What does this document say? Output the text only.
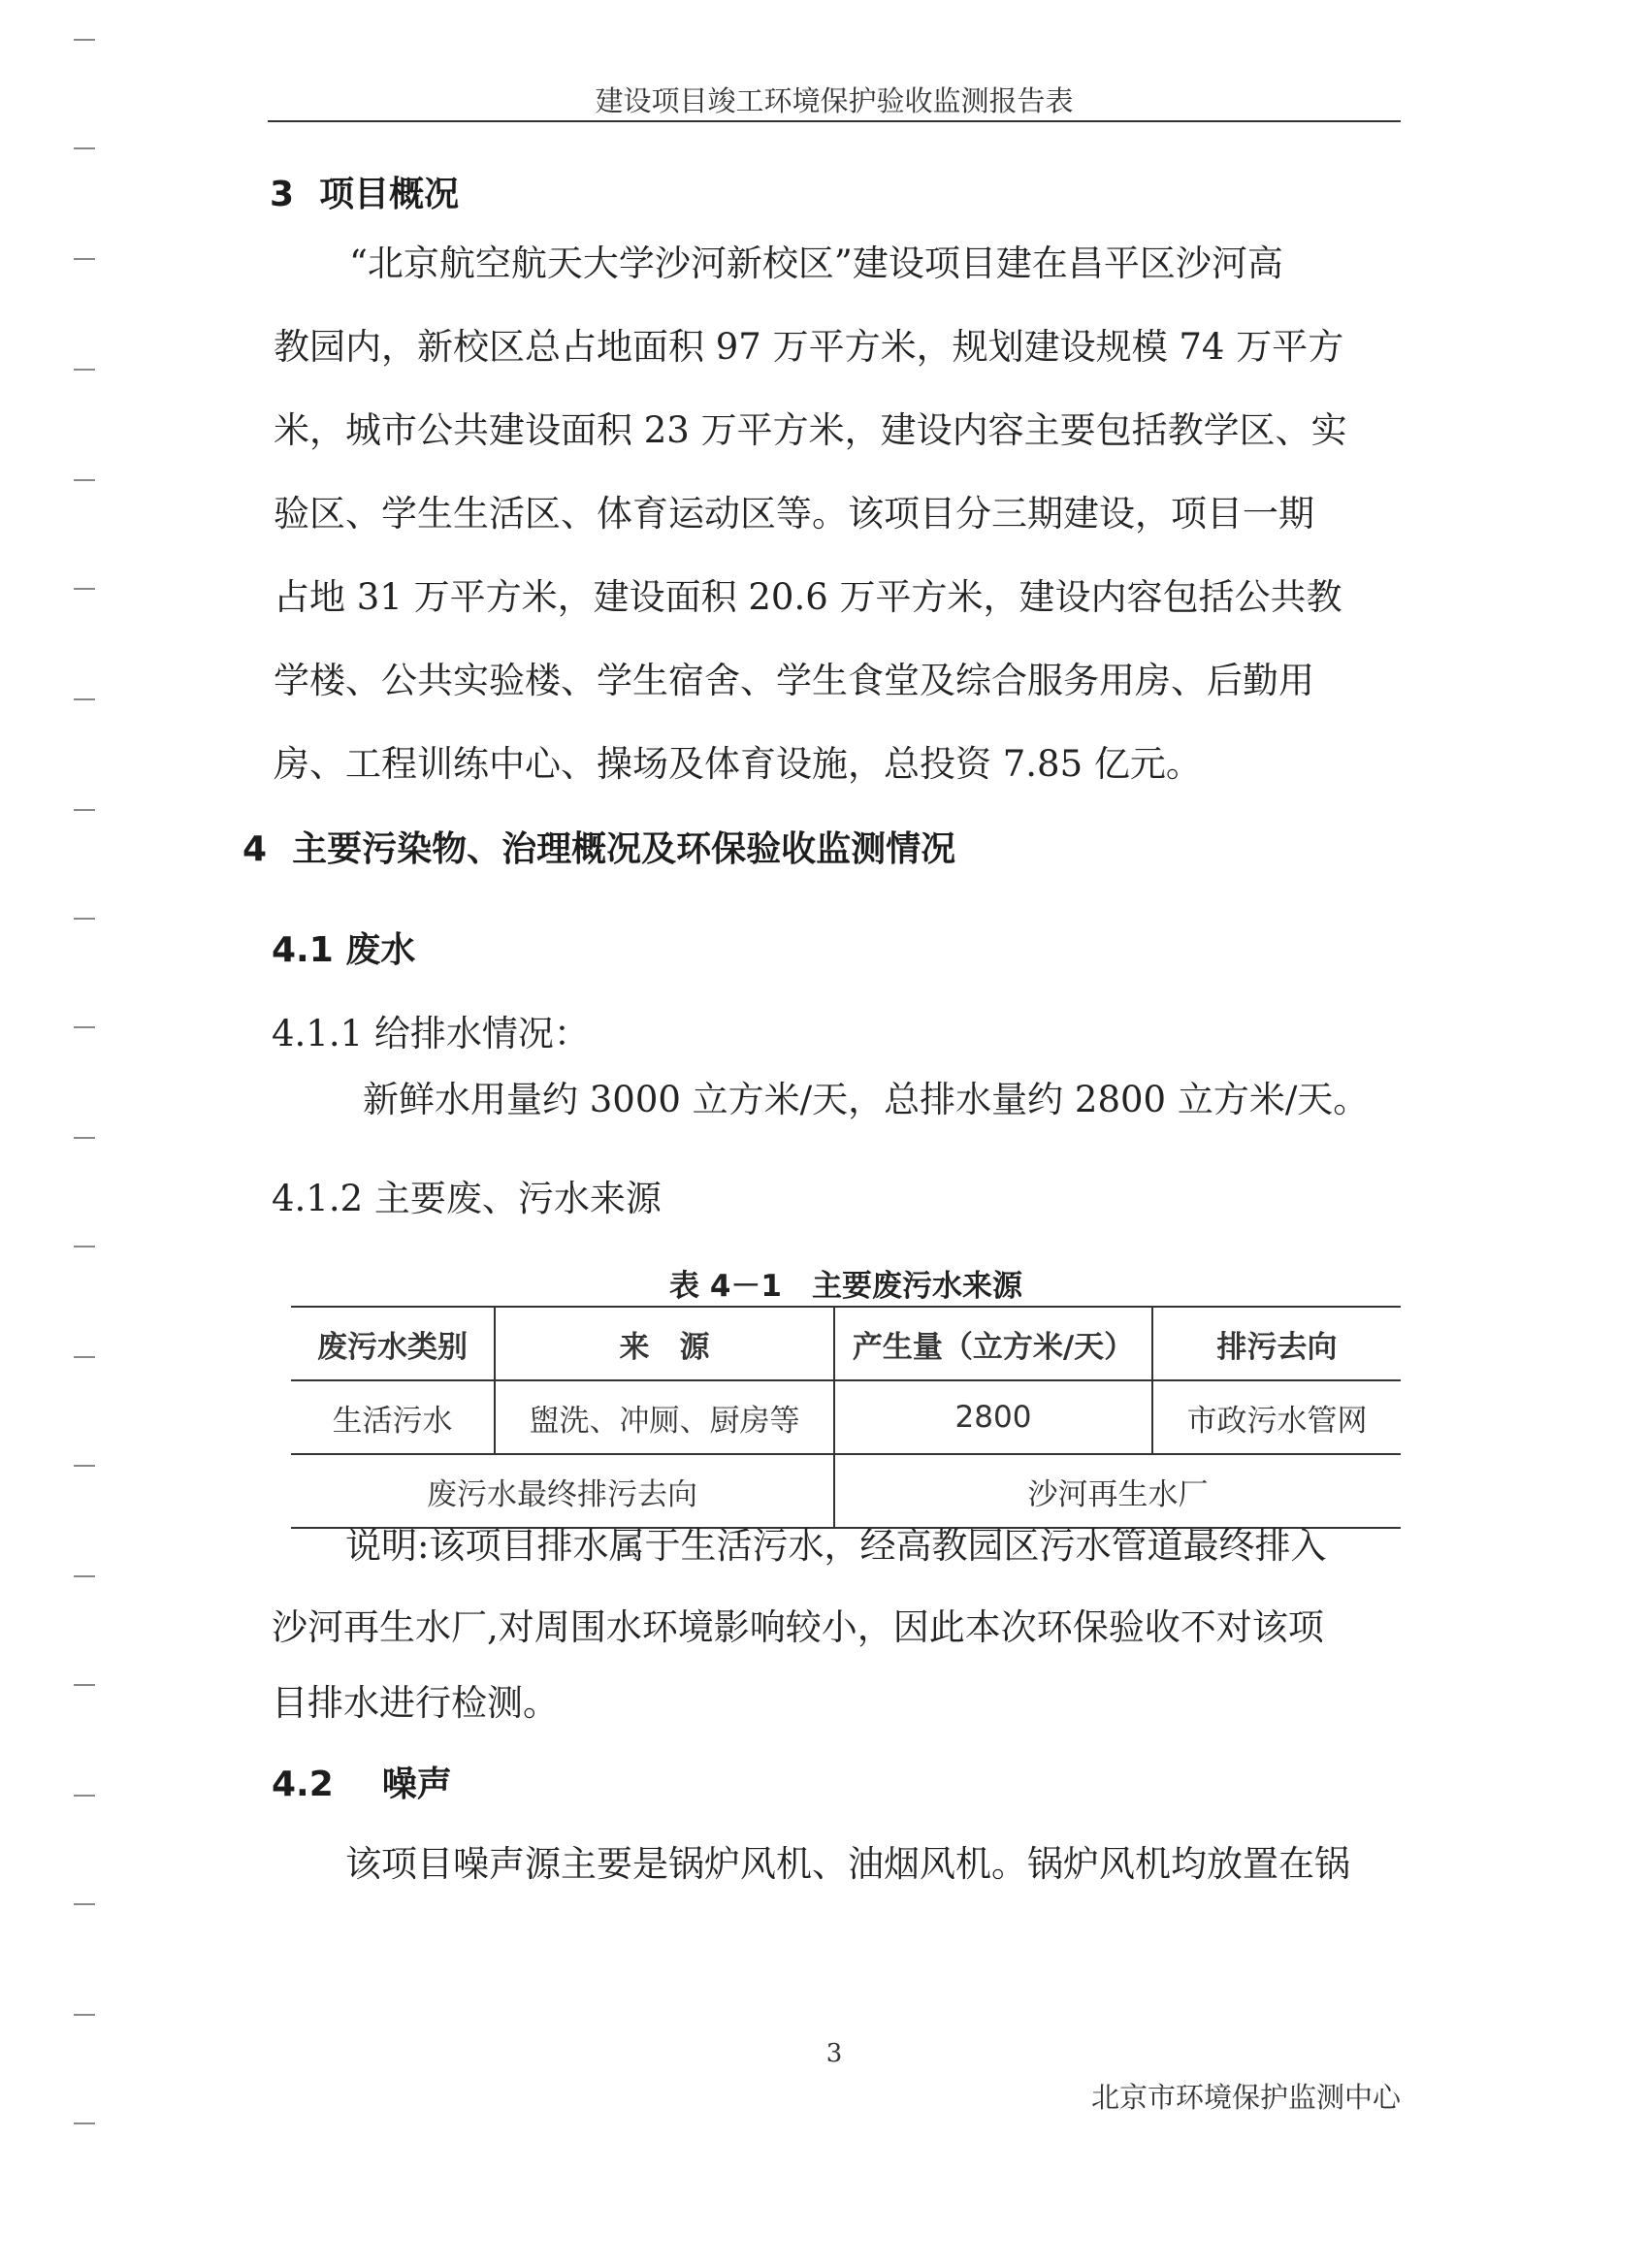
建设项目竣工环境保护验收监测报告表
3 项目概况
“北京航空航天大学沙河新校区”建设项目建在昌平区沙河高
教园内，新校区总占地面积 97 万平方米，规划建设规模 74 万平方
米，城市公共建设面积 23 万平方米，建设内容主要包括教学区、实
验区、学生生活区、体育运动区等。该项目分三期建设，项目一期
占地 31 万平方米，建设面积 20.6 万平方米，建设内容包括公共教
学楼、公共实验楼、学生宿舍、学生食堂及综合服务用房、后勤用
房、工程训练中心、操场及体育设施，总投资 7.85 亿元。
4 主要污染物、治理概况及环保验收监测情况
4.1 废水
4.1.1 给排水情况：
新鲜水用量约 3000 立方米/天，总排水量约 2800 立方米/天。
4.1.2 主要废、污水来源
表 4－1　主要废污水来源
废污水类别	来　源	产生量（立方米/天）	排污去向
生活污水	盥洗、冲厕、厨房等	2800	市政污水管网
废污水最终排污去向		沙河再生水厂	
说明:该项目排水属于生活污水，经高教园区污水管道最终排入
沙河再生水厂,对周围水环境影响较小，因此本次环保验收不对该项
目排水进行检测。
4.2 噪声
该项目噪声源主要是锅炉风机、油烟风机。锅炉风机均放置在锅
3
北京市环境保护监测中心
